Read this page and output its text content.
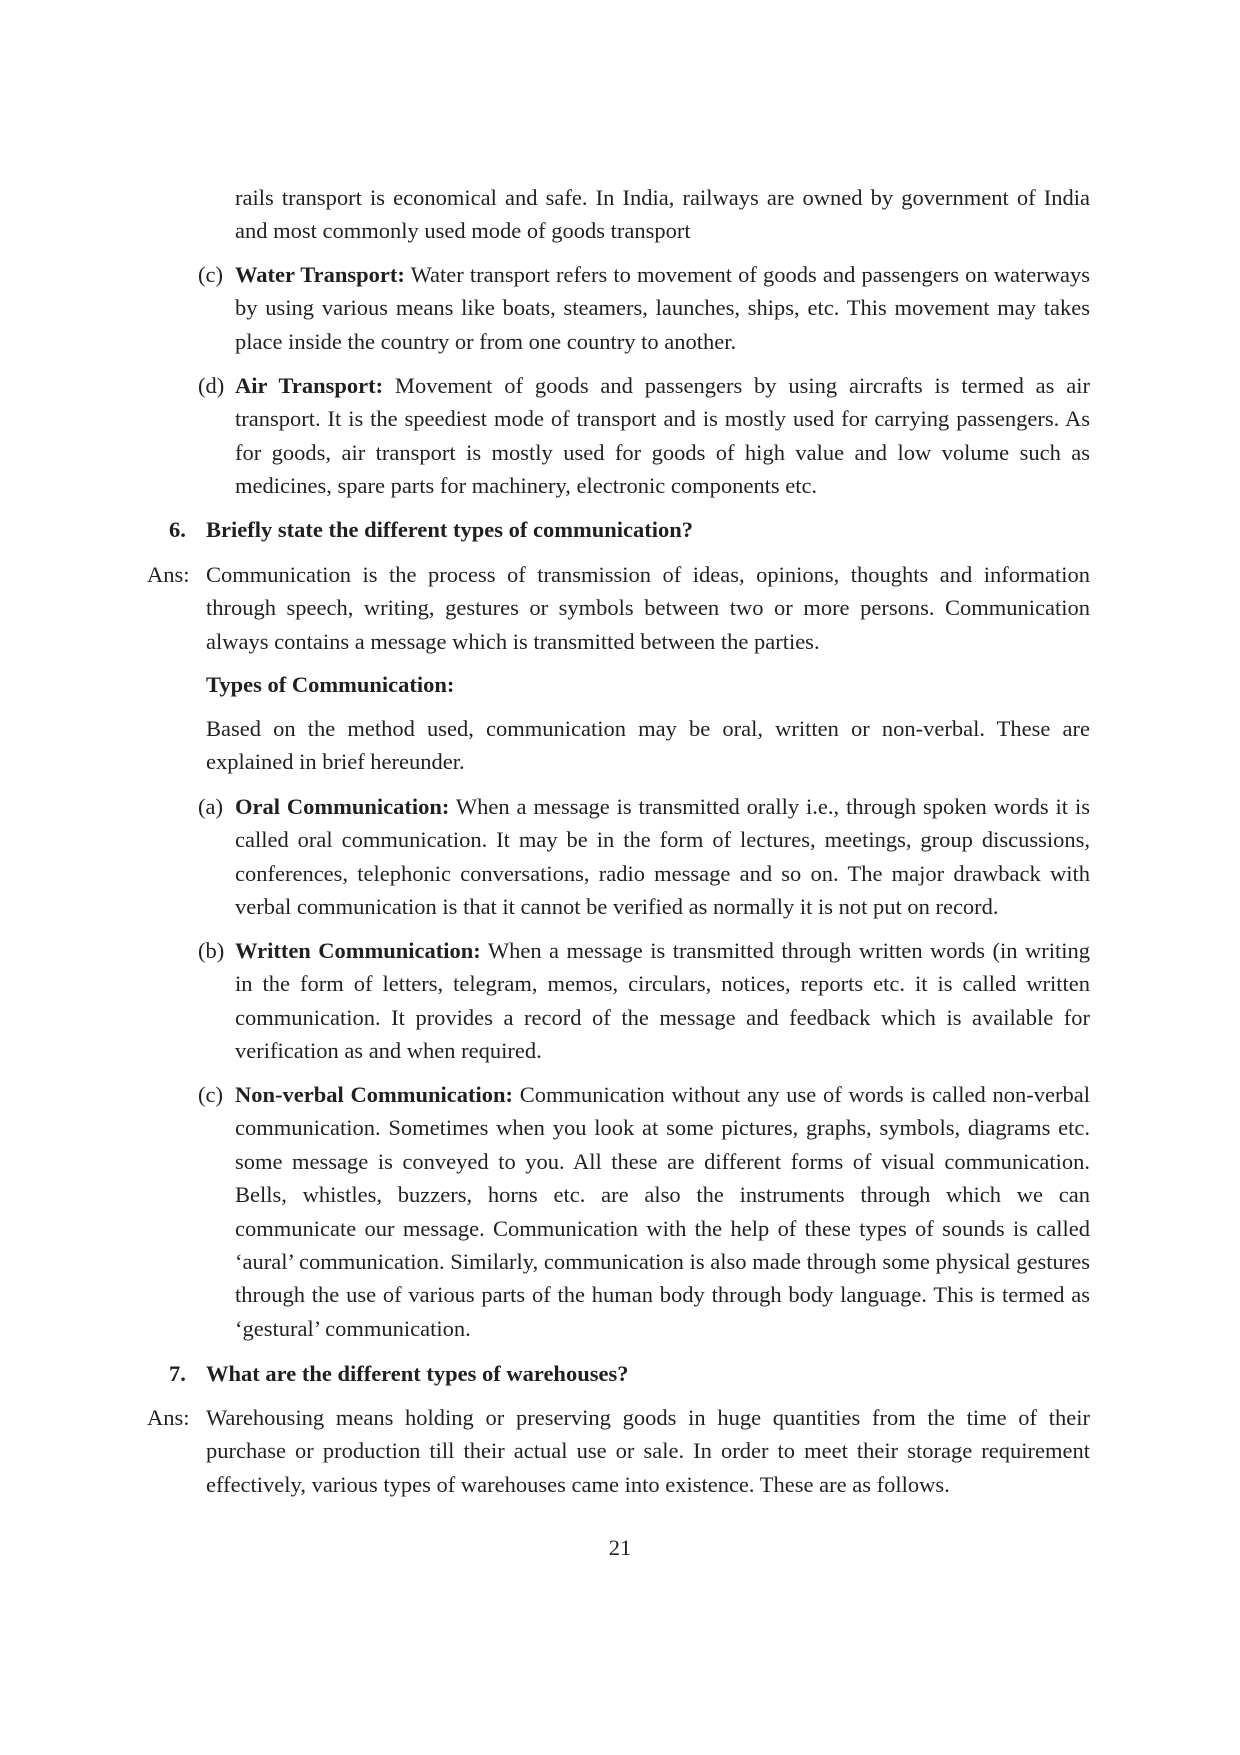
rails transport is economical and safe. In India, railways are owned by government of India and most commonly used mode of goods transport
(c) Water Transport: Water transport refers to movement of goods and passengers on waterways by using various means like boats, steamers, launches, ships, etc. This movement may takes place inside the country or from one country to another.
(d) Air Transport: Movement of goods and passengers by using aircrafts is termed as air transport. It is the speediest mode of transport and is mostly used for carrying passengers. As for goods, air transport is mostly used for goods of high value and low volume such as medicines, spare parts for machinery, electronic components etc.
6. Briefly state the different types of communication?
Ans: Communication is the process of transmission of ideas, opinions, thoughts and information through speech, writing, gestures or symbols between two or more persons. Communication always contains a message which is transmitted between the parties.
Types of Communication:
Based on the method used, communication may be oral, written or non-verbal. These are explained in brief hereunder.
(a) Oral Communication: When a message is transmitted orally i.e., through spoken words it is called oral communication. It may be in the form of lectures, meetings, group discussions, conferences, telephonic conversations, radio message and so on. The major drawback with verbal communication is that it cannot be verified as normally it is not put on record.
(b) Written Communication: When a message is transmitted through written words (in writing in the form of letters, telegram, memos, circulars, notices, reports etc. it is called written communication. It provides a record of the message and feedback which is available for verification as and when required.
(c) Non-verbal Communication: Communication without any use of words is called non-verbal communication. Sometimes when you look at some pictures, graphs, symbols, diagrams etc. some message is conveyed to you. All these are different forms of visual communication. Bells, whistles, buzzers, horns etc. are also the instruments through which we can communicate our message. Communication with the help of these types of sounds is called ‘aural’ communication. Similarly, communication is also made through some physical gestures through the use of various parts of the human body through body language. This is termed as ‘gestural’ communication.
7. What are the different types of warehouses?
Ans: Warehousing means holding or preserving goods in huge quantities from the time of their purchase or production till their actual use or sale. In order to meet their storage requirement effectively, various types of warehouses came into existence. These are as follows.
21
